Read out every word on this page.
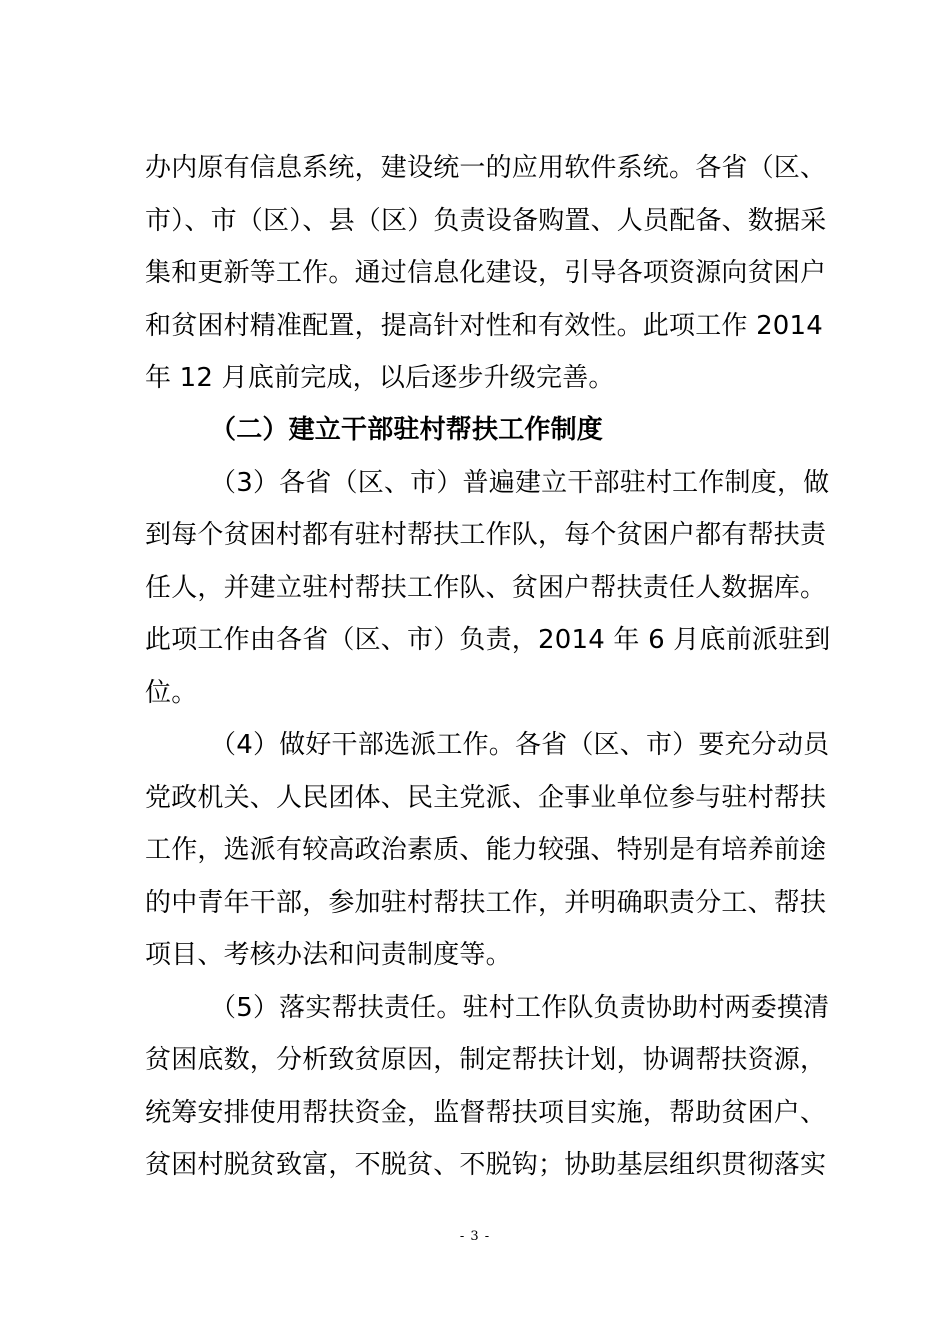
办内原有信息系统，建设统一的应用软件系统。各省（区、
市）、市（区）、县（区）负责设备购置、人员配备、数据采
集和更新等工作。通过信息化建设，引导各项资源向贫困户
和贫困村精准配置，提高针对性和有效性。此项工作 2014
年 12 月底前完成，以后逐步升级完善。
（二）建立干部驻村帮扶工作制度
（3）各省（区、市）普遍建立干部驻村工作制度，做
到每个贫困村都有驻村帮扶工作队，每个贫困户都有帮扶责
任人，并建立驻村帮扶工作队、贫困户帮扶责任人数据库。
此项工作由各省（区、市）负责，2014 年 6 月底前派驻到
位。
（4）做好干部选派工作。各省（区、市）要充分动员
党政机关、人民团体、民主党派、企事业单位参与驻村帮扶
工作，选派有较高政治素质、能力较强、特别是有培养前途
的中青年干部，参加驻村帮扶工作，并明确职责分工、帮扶
项目、考核办法和问责制度等。
（5）落实帮扶责任。驻村工作队负责协助村两委摸清
贫困底数，分析致贫原因，制定帮扶计划，协调帮扶资源，
统筹安排使用帮扶资金，监督帮扶项目实施，帮助贫困户、
贫困村脱贫致富，不脱贫、不脱钩；协助基层组织贯彻落实
- 3 -
